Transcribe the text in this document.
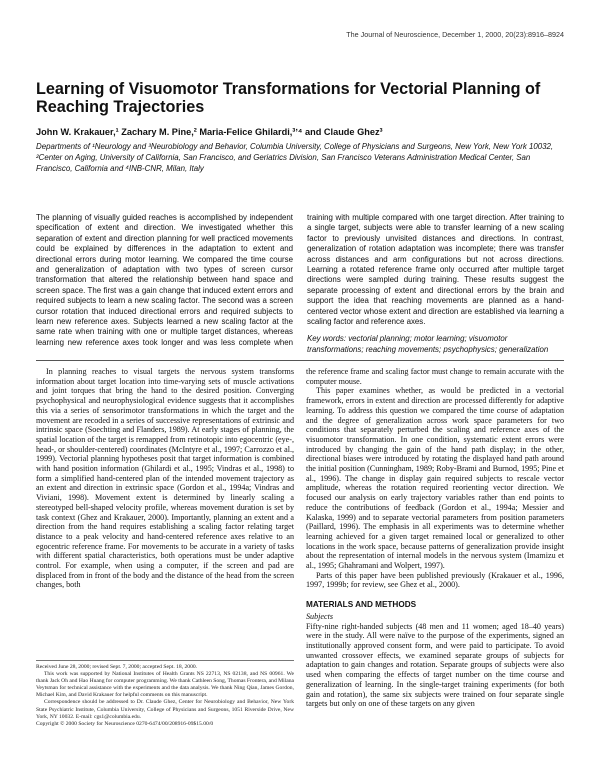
The Journal of Neuroscience, December 1, 2000, 20(23):8916–8924
Learning of Visuomotor Transformations for Vectorial Planning of Reaching Trajectories
John W. Krakauer,¹ Zachary M. Pine,² Maria-Felice Ghilardi,³ʼ⁴ and Claude Ghez³
Departments of ¹Neurology and ³Neurobiology and Behavior, Columbia University, College of Physicians and Surgeons, New York, New York 10032, ²Center on Aging, University of California, San Francisco, and Geriatrics Division, San Francisco Veterans Administration Medical Center, San Francisco, California and ⁴INB-CNR, Milan, Italy

The planning of visually guided reaches is accomplished by independent specification of extent and direction. We investigated whether this separation of extent and direction planning for well practiced movements could be explained by differences in the adaptation to extent and directional errors during motor learning. We compared the time course and generalization of adaptation with two types of screen cursor transformation that altered the relationship between hand space and screen space. The first was a gain change that induced extent errors and required subjects to learn a new scaling factor. The second was a screen cursor rotation that induced directional errors and required subjects to learn new reference axes. Subjects learned a new scaling factor at the same rate when training with one or multiple target distances, whereas learning new reference axes took longer and was less complete when training with multiple compared with one target direction. After training to a single target, subjects were able to transfer learning of a new scaling factor to previously unvisited distances and directions. In contrast, generalization of rotation adaptation was incomplete; there was transfer across distances and arm configurations but not across directions. Learning a rotated reference frame only occurred after multiple target directions were sampled during training. These results suggest the separate processing of extent and directional errors by the brain and support the idea that reaching movements are planned as a hand-centered vector whose extent and direction are established via learning a scaling factor and reference axes.

Key words: vectorial planning; motor learning; visuomotor transformations; reaching movements; psychophysics; generalization

In planning reaches to visual targets the nervous system transforms information about target location into time-varying sets of muscle activations and joint torques that bring the hand to the desired position. Converging psychophysical and neurophysiological evidence suggests that it accomplishes this via a series of sensorimotor transformations in which the target and the movement are recoded in a series of successive representations of extrinsic and intrinsic space (Soechting and Flanders, 1989). At early stages of planning, the spatial location of the target is remapped from retinotopic into egocentric (eye-, head-, or shoulder-centered) coordinates (McIntyre et al., 1997; Carrozzo et al., 1999). Vectorial planning hypotheses posit that target information is combined with hand position information (Ghilardi et al., 1995; Vindras et al., 1998) to form a simplified hand-centered plan of the intended movement trajectory as an extent and direction in extrinsic space (Gordon et al., 1994a; Vindras and Viviani, 1998). Movement extent is determined by linearly scaling a stereotyped bell-shaped velocity profile, whereas movement duration is set by task context (Ghez and Krakauer, 2000). Importantly, planning an extent and a direction from the hand requires establishing a scaling factor relating target distance to a peak velocity and hand-centered reference axes relative to an egocentric reference frame. For movements to be accurate in a variety of tasks with different spatial characteristics, both operations must be under adaptive control. For example, when using a computer, if the screen and pad are displaced from in front of the body and the distance of the head from the screen changes, both

Received June 28, 2000; revised Sept. 7, 2000; accepted Sept. 18, 2000.

This work was supported by National Institutes of Health Grants NS 22713, NS 02138, and NS 00961. We thank Jack Oh and Hao Huang for computer programming. We thank Cathleen Song, Thomas Frontera, and Milana Veytsman for technical assistance with the experiments and the data analysis. We thank Ning Qian, James Gordon, Michael Kim, and David Krakauer for helpful comments on this manuscript.

Correspondence should be addressed to Dr. Claude Ghez, Center for Neurobiology and Behavior, New York State Psychiatric Institute, Columbia University, College of Physicians and Surgeons, 1051 Riverside Drive, New York, NY 10032. E-mail: cgs1@columbia.edu.

Copyright © 2000 Society for Neuroscience 0270-6474/00/208916-09$15.00/0

the reference frame and scaling factor must change to remain accurate with the computer mouse.

This paper examines whether, as would be predicted in a vectorial framework, errors in extent and direction are processed differently for adaptive learning. To address this question we compared the time course of adaptation and the degree of generalization across work space parameters for two conditions that separately perturbed the scaling and reference axes of the visuomotor transformation. In one condition, systematic extent errors were introduced by changing the gain of the hand path display; in the other, directional biases were introduced by rotating the displayed hand path around the initial position (Cunningham, 1989; Roby-Brami and Burnod, 1995; Pine et al., 1996). The change in display gain required subjects to rescale vector amplitude, whereas the rotation required reorienting vector direction. We focused our analysis on early trajectory variables rather than end points to reduce the contributions of feedback (Gordon et al., 1994a; Messier and Kalaska, 1999) and to separate vectorial parameters from position parameters (Paillard, 1996). The emphasis in all experiments was to determine whether learning achieved for a given target remained local or generalized to other locations in the work space, because patterns of generalization provide insight about the representation of internal models in the nervous system (Imamizu et al., 1995; Ghahramani and Wolpert, 1997).

Parts of this paper have been published previously (Krakauer et al., 1996, 1997, 1999b; for review, see Ghez et al., 2000).

MATERIALS AND METHODS
Subjects

Fifty-nine right-handed subjects (48 men and 11 women; aged 18–40 years) were in the study. All were naïve to the purpose of the experiments, signed an institutionally approved consent form, and were paid to participate. To avoid unwanted crossover effects, we examined separate groups of subjects for adaptation to gain changes and rotation. Separate groups of subjects were also used when comparing the effects of target number on the time course and generalization of learning. In the single-target training experiments (for both gain and rotation), the same six subjects were trained on four separate single targets but only on one of these targets on any given
